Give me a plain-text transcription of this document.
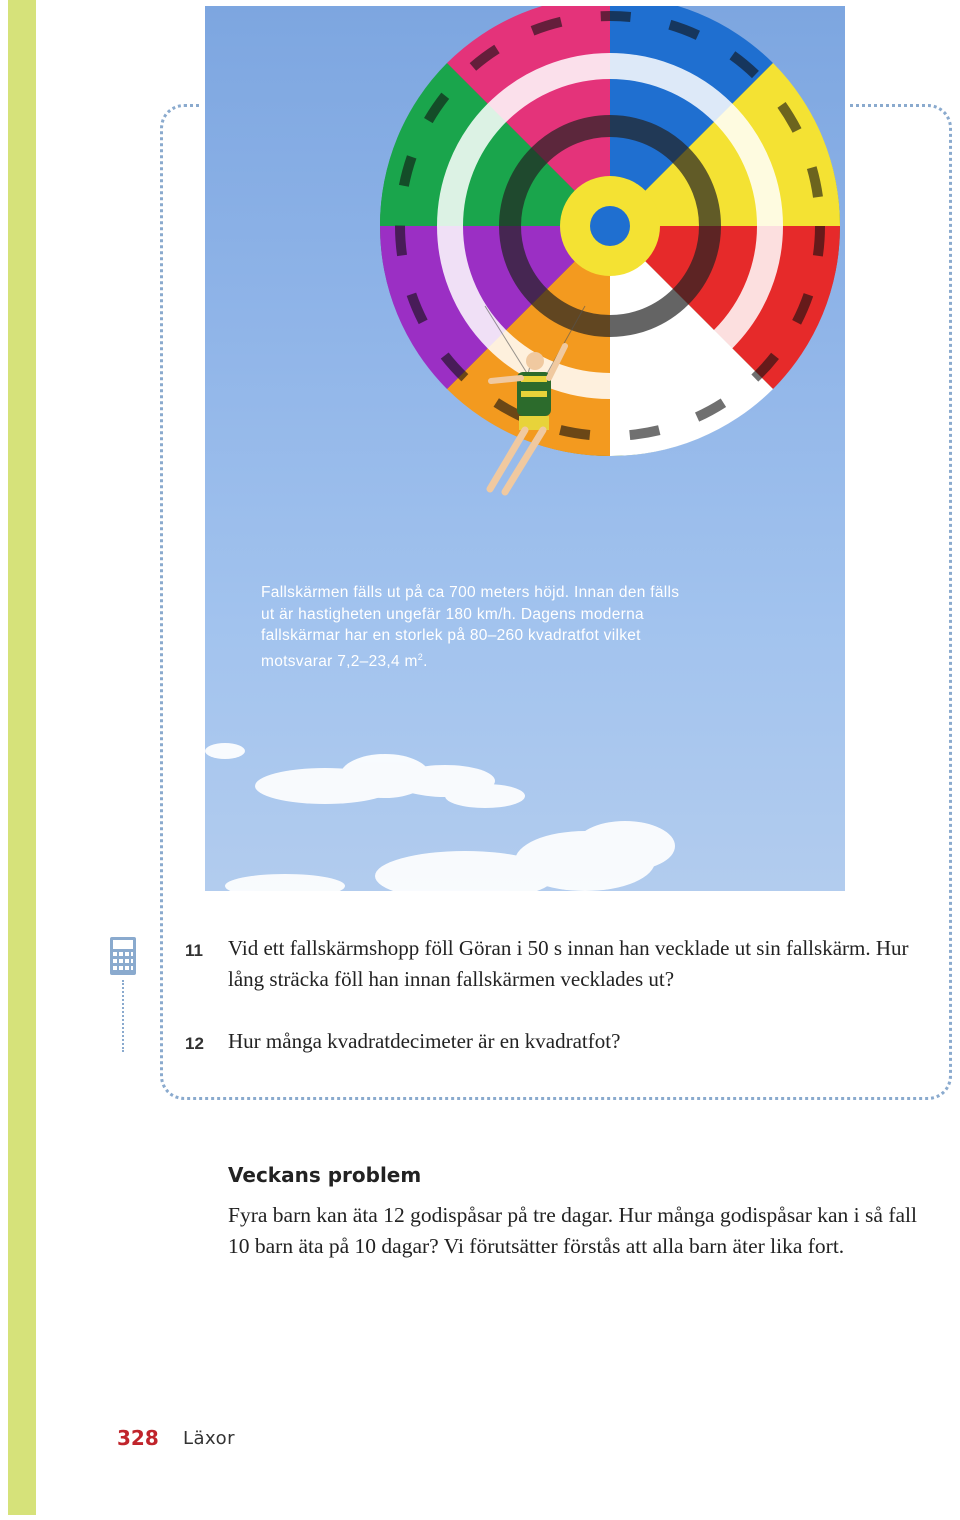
Fallskärmen fälls ut på ca 700 meters höjd. Innan den fälls
ut är hastigheten ungefär 180 km/h. Dagens moderna
fallskärmar har en storlek på 80–260 kvadratfot vilket
motsvarar 7,2–23,4 $m^2$.
11 Vid ett fallskärmshopp föll Göran i 50 s innan han vecklade ut sin fallskärm. Hur lång sträcka föll han innan fallskärmen vecklades ut?
12 Hur många kvadratdecimeter är en kvadratfot?
Veckans problem
Fyra barn kan äta 12 godispåsar på tre dagar. Hur många godispåsar kan i så fall 10 barn äta på 10 dagar? Vi förutsätter förstås att alla barn äter lika fort.
328 Läxor
